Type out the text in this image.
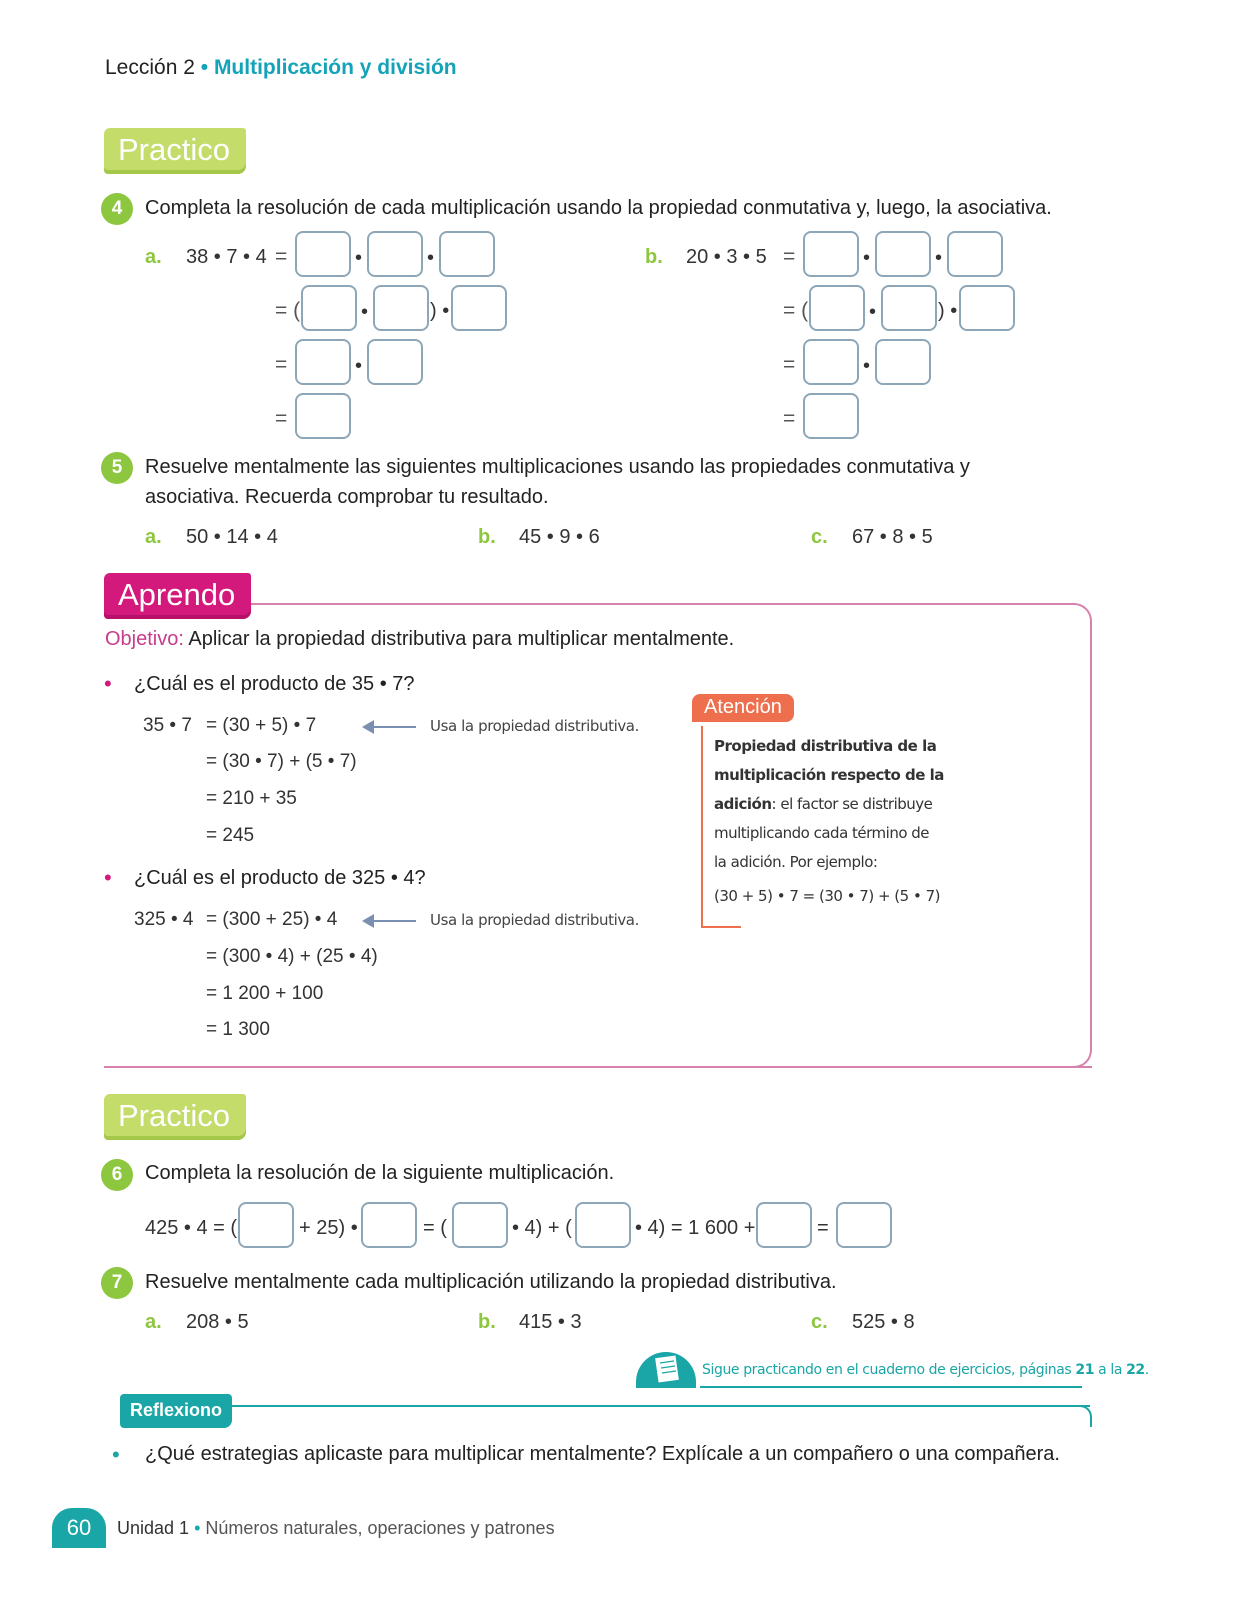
Lección 2 • Multiplicación y división
Practico
4	Completa la resolución de cada multiplicación usando la propiedad conmutativa y, luego, la asociativa.
a. 38 • 7 • 4 =	•	•
= (	•	) •
=	•
=
b. 20 • 3 • 5 =	•	•
= (	•	) •
=	•
=
5	Resuelve mentalmente las siguientes multiplicaciones usando las propiedades conmutativa y
asociativa. Recuerda comprobar tu resultado.
a. 50 • 14 • 4	b. 45 • 9 • 6	c. 67 • 8 • 5
Aprendo
Objetivo: Aplicar la propiedad distributiva para multiplicar mentalmente.
• ¿Cuál es el producto de 35 • 7?
35 • 7 = (30 + 5) • 7
= (30 • 7) + (5 • 7)
= 210 + 35
= 245
Usa la propiedad distributiva.
• ¿Cuál es el producto de 325 • 4?
325 • 4 = (300 + 25) • 4
= (300 • 4) + (25 • 4)
= 1 200 + 100
= 1 300
Usa la propiedad distributiva.
Atención
Propiedad distributiva de la multiplicación respecto de la adición: el factor se distribuye multiplicando cada término de la adición. Por ejemplo:
(30 + 5) • 7 = (30 • 7) + (5 • 7)
Practico
6	Completa la resolución de la siguiente multiplicación.
425 • 4 = (	+ 25) •	= (	• 4) + (	• 4) = 1 600 +	=
7	Resuelve mentalmente cada multiplicación utilizando la propiedad distributiva.
a. 208 • 5	b. 415 • 3	c. 525 • 8
Sigue practicando en el cuaderno de ejercicios, páginas 21 a la 22.
Reflexiono
• ¿Qué estrategias aplicaste para multiplicar mentalmente? Explícale a un compañero o una compañera.
60	Unidad 1 • Números naturales, operaciones y patrones
